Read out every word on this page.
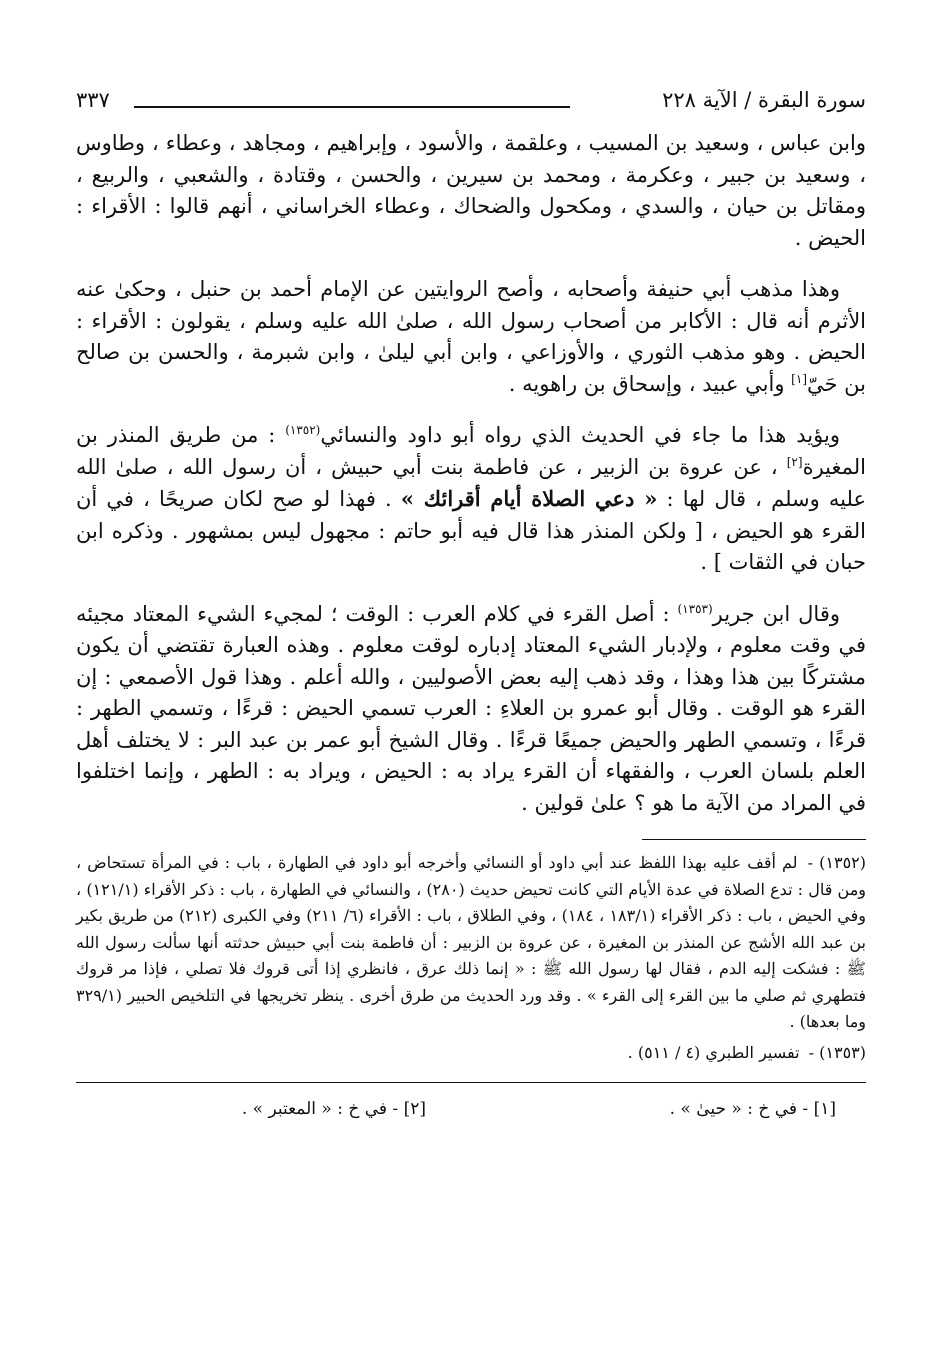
سورة البقرة / الآية ٢٢٨
٣٣٧

وابن عباس ، وسعيد بن المسيب ، وعلقمة ، والأسود ، وإبراهيم ، ومجاهد ، وعطاء ، وطاوس ، وسعيد بن جبير ، وعكرمة ، ومحمد بن سيرين ، والحسن ، وقتادة ، والشعبي ، والربيع ، ومقاتل بن حيان ، والسدي ، ومكحول والضحاك ، وعطاء الخراساني ، أنهم قالوا : الأقراء : الحيض .

وهذا مذهب أبي حنيفة وأصحابه ، وأصح الروايتين عن الإمام أحمد بن حنبل ، وحكىٰ عنه الأثرم أنه قال : الأكابر من أصحاب رسول الله ، صلىٰ الله عليه وسلم ، يقولون : الأقراء : الحيض . وهو مذهب الثوري ، والأوزاعي ، وابن أبي ليلىٰ ، وابن شبرمة ، والحسن بن صالح بن حَيّ[١] وأبي عبيد ، وإسحاق بن راهويه .

ويؤيد هذا ما جاء في الحديث الذي رواه أبو داود والنسائي$^{(١٣٥٢)}$ : من طريق المنذر بن المغيرة[٢] ، عن عروة بن الزبير ، عن فاطمة بنت أبي حبيش ، أن رسول الله ، صلىٰ الله عليه وسلم ، قال لها : « دعي الصلاة أيام أقرائك » . فهذا لو صح لكان صريحًا ، في أن القرء هو الحيض ، [ ولكن المنذر هذا قال فيه أبو حاتم : مجهول ليس بمشهور . وذكره ابن حبان في الثقات ] .

وقال ابن جرير$^{(١٣٥٣)}$ : أصل القرء في كلام العرب : الوقت ؛ لمجيء الشيء المعتاد مجيئه في وقت معلوم ، ولإدبار الشيء المعتاد إدباره لوقت معلوم . وهذه العبارة تقتضي أن يكون مشتركًا بين هذا وهذا ، وقد ذهب إليه بعض الأصوليين ، والله أعلم . وهذا قول الأصمعي : إن القرء هو الوقت . وقال أبو عمرو بن العلاءِ : العرب تسمي الحيض : قرءًا ، وتسمي الطهر : قرءًا ، وتسمي الطهر والحيض جميعًا قرءًا . وقال الشيخ أبو عمر بن عبد البر : لا يختلف أهل العلم بلسان العرب ، والفقهاء أن القرء يراد به : الحيض ، ويراد به : الطهر ، وإنما اختلفوا في المراد من الآية ما هو ؟ علىٰ قولين .

(١٣٥٢) - لم أقف عليه بهذا اللفظ عند أبي داود أو النسائي وأخرجه أبو داود في الطهارة ، باب : في المرأة تستحاض ، ومن قال : تدع الصلاة في عدة الأيام التي كانت تحيض حديث (٢٨٠) ، والنسائي في الطهارة ، باب : ذكر الأقراء (١٢١/١) ، وفي الحيض ، باب : ذكر الأقراء (١٨٣/١ ، ١٨٤) ، وفي الطلاق ، باب : الأقراء (٦/ ٢١١) وفي الكبرى (٢١٢) من طريق بكير بن عبد الله الأشج عن المنذر بن المغيرة ، عن عروة بن الزبير : أن فاطمة بنت أبي حبيش حدثته أنها سألت رسول الله ﷺ : فشكت إليه الدم ، فقال لها رسول الله ﷺ : « إنما ذلك عرق ، فانظري إذا أتى قروك فلا تصلي ، فإذا مر قروك فتطهري ثم صلي ما بين القرء إلى القرء » . وقد ورد الحديث من طرق أخرى . ينظر تخريجها في التلخيص الحبير (٣٢٩/١ وما بعدها) .

(١٣٥٣) - تفسير الطبري (٤ / ٥١١) .

[١] - في خ : « حيىٰ » .
[٢] - في خ : « المعتبر » .
